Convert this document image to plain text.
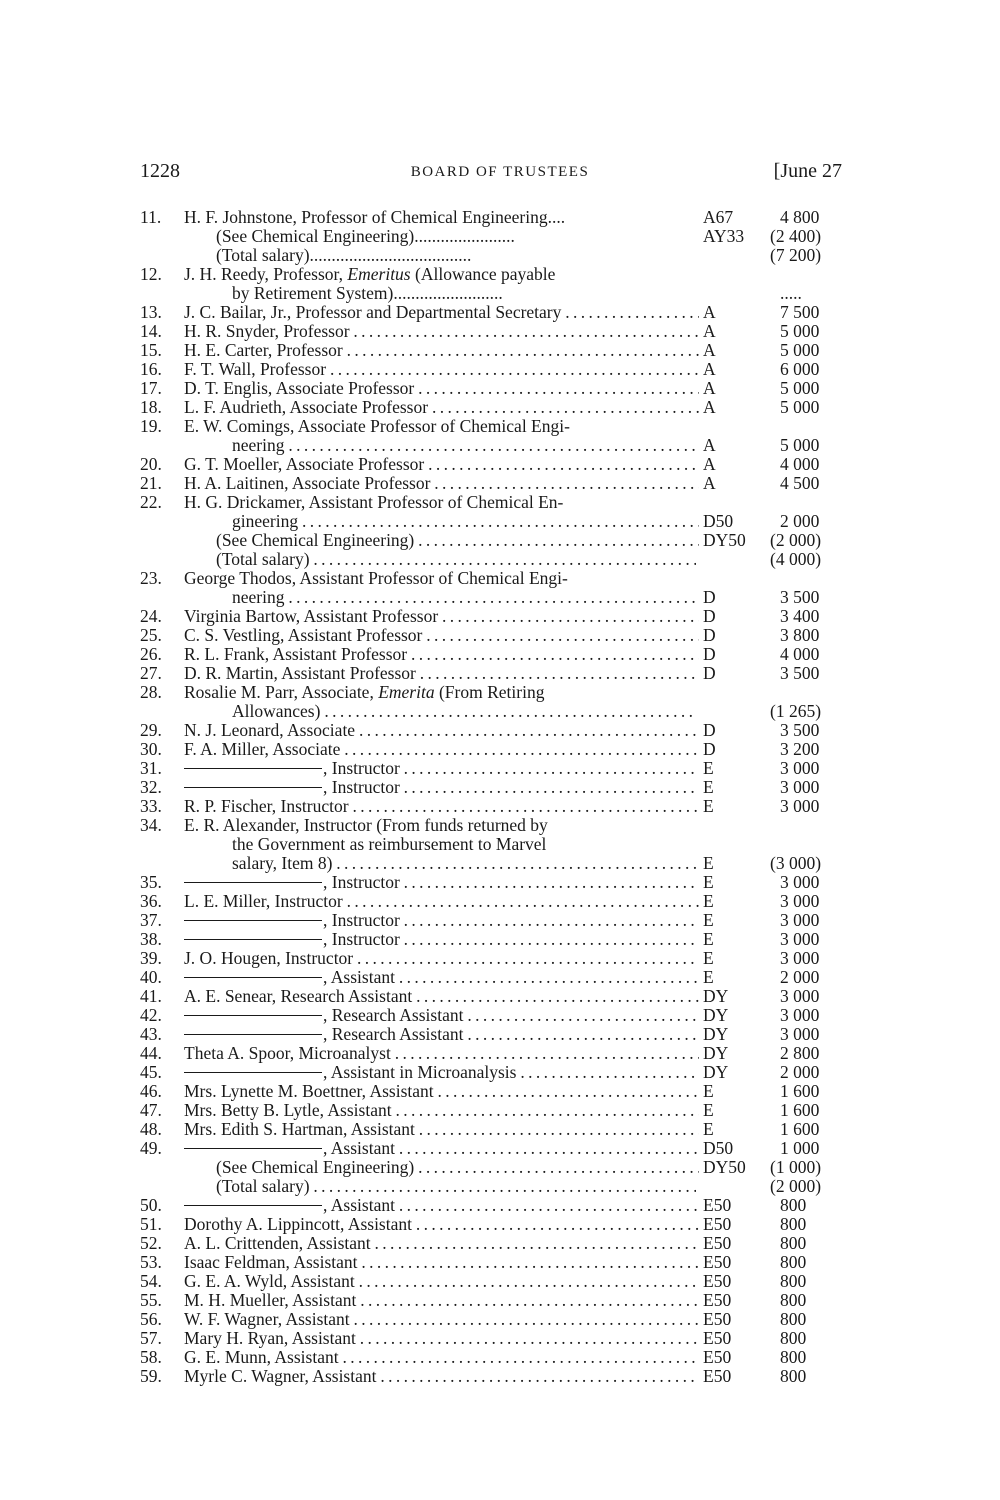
1228	BOARD OF TRUSTEES	[June 27
11.	H. F. Johnstone, Professor of Chemical Engineering....	A67	4 800
(See Chemical Engineering).......................	AY33 (2 400)
(Total salary).....................................	(7 200)
12.	J. H. Reedy, Professor, Emeritus (Allowance payable
by Retirement System).........................	.....
13.	J. C. Bailar, Jr., Professor and Departmental Secretary . . .	A	7 500
14.	H. R. Snyder, Professor . . .	A	5 000
15.	H. E. Carter, Professor . . .	A	5 000
16.	F. T. Wall, Professor . . .	A	6 000
17.	D. T. Englis, Associate Professor . . .	A	5 000
18.	L. F. Audrieth, Associate Professor . . .	A	5 000
19.	E. W. Comings, Associate Professor of Chemical Engi-
neering . . .	A	5 000
20.	G. T. Moeller, Associate Professor . . .	A	4 000
21.	H. A. Laitinen, Associate Professor . . .	A	4 500
22.	H. G. Drickamer, Assistant Professor of Chemical En-
gineering . . .	D50	2 000
(See Chemical Engineering) . . .	DY50 (2 000)
(Total salary) . . .	(4 000)
23.	George Thodos, Assistant Professor of Chemical Engi-
neering . . .	D	3 500
24.	Virginia Bartow, Assistant Professor . . .	D	3 400
25.	C. S. Vestling, Assistant Professor . . .	D	3 800
26.	R. L. Frank, Assistant Professor . . .	D	4 000
27.	D. R. Martin, Assistant Professor . . .	D	3 500
28.	Rosalie M. Parr, Associate, Emerita (From Retiring
Allowances) . . .	(1 265)
29.	N. J. Leonard, Associate . . .	D	3 500
30.	F. A. Miller, Associate . . .	D	3 200
31.	, Instructor . . .	E	3 000
32.	, Instructor . . .	E	3 000
33.	R. P. Fischer, Instructor . . .	E	3 000
34.	E. R. Alexander, Instructor (From funds returned by
the Government as reimbursement to Marvel
salary, Item 8) . . .	E	(3 000)
35.	, Instructor . . .	E	3 000
36.	L. E. Miller, Instructor . . .	E	3 000
37.	, Instructor . . .	E	3 000
38.	, Instructor . . .	E	3 000
39.	J. O. Hougen, Instructor . . .	E	3 000
40.	, Assistant . . .	E	2 000
41.	A. E. Senear, Research Assistant . . .	DY	3 000
42.	, Research Assistant . . .	DY	3 000
43.	, Research Assistant . . .	DY	3 000
44.	Theta A. Spoor, Microanalyst . . .	DY	2 800
45.	, Assistant in Microanalysis . . .	DY	2 000
46.	Mrs. Lynette M. Boettner, Assistant . . .	E	1 600
47.	Mrs. Betty B. Lytle, Assistant . . .	E	1 600
48.	Mrs. Edith S. Hartman, Assistant . . .	E	1 600
49.	, Assistant . . .	D50	1 000
(See Chemical Engineering) . . .	DY50 (1 000)
(Total salary) . . .	(2 000)
50.	, Assistant . . .	E50	800
51.	Dorothy A. Lippincott, Assistant . . .	E50	800
52.	A. L. Crittenden, Assistant . . .	E50	800
53.	Isaac Feldman, Assistant . . .	E50	800
54.	G. E. A. Wyld, Assistant . . .	E50	800
55.	M. H. Mueller, Assistant . . .	E50	800
56.	W. F. Wagner, Assistant . . .	E50	800
57.	Mary H. Ryan, Assistant . . .	E50	800
58.	G. E. Munn, Assistant . . .	E50	800
59.	Myrle C. Wagner, Assistant . . .	E50	800
